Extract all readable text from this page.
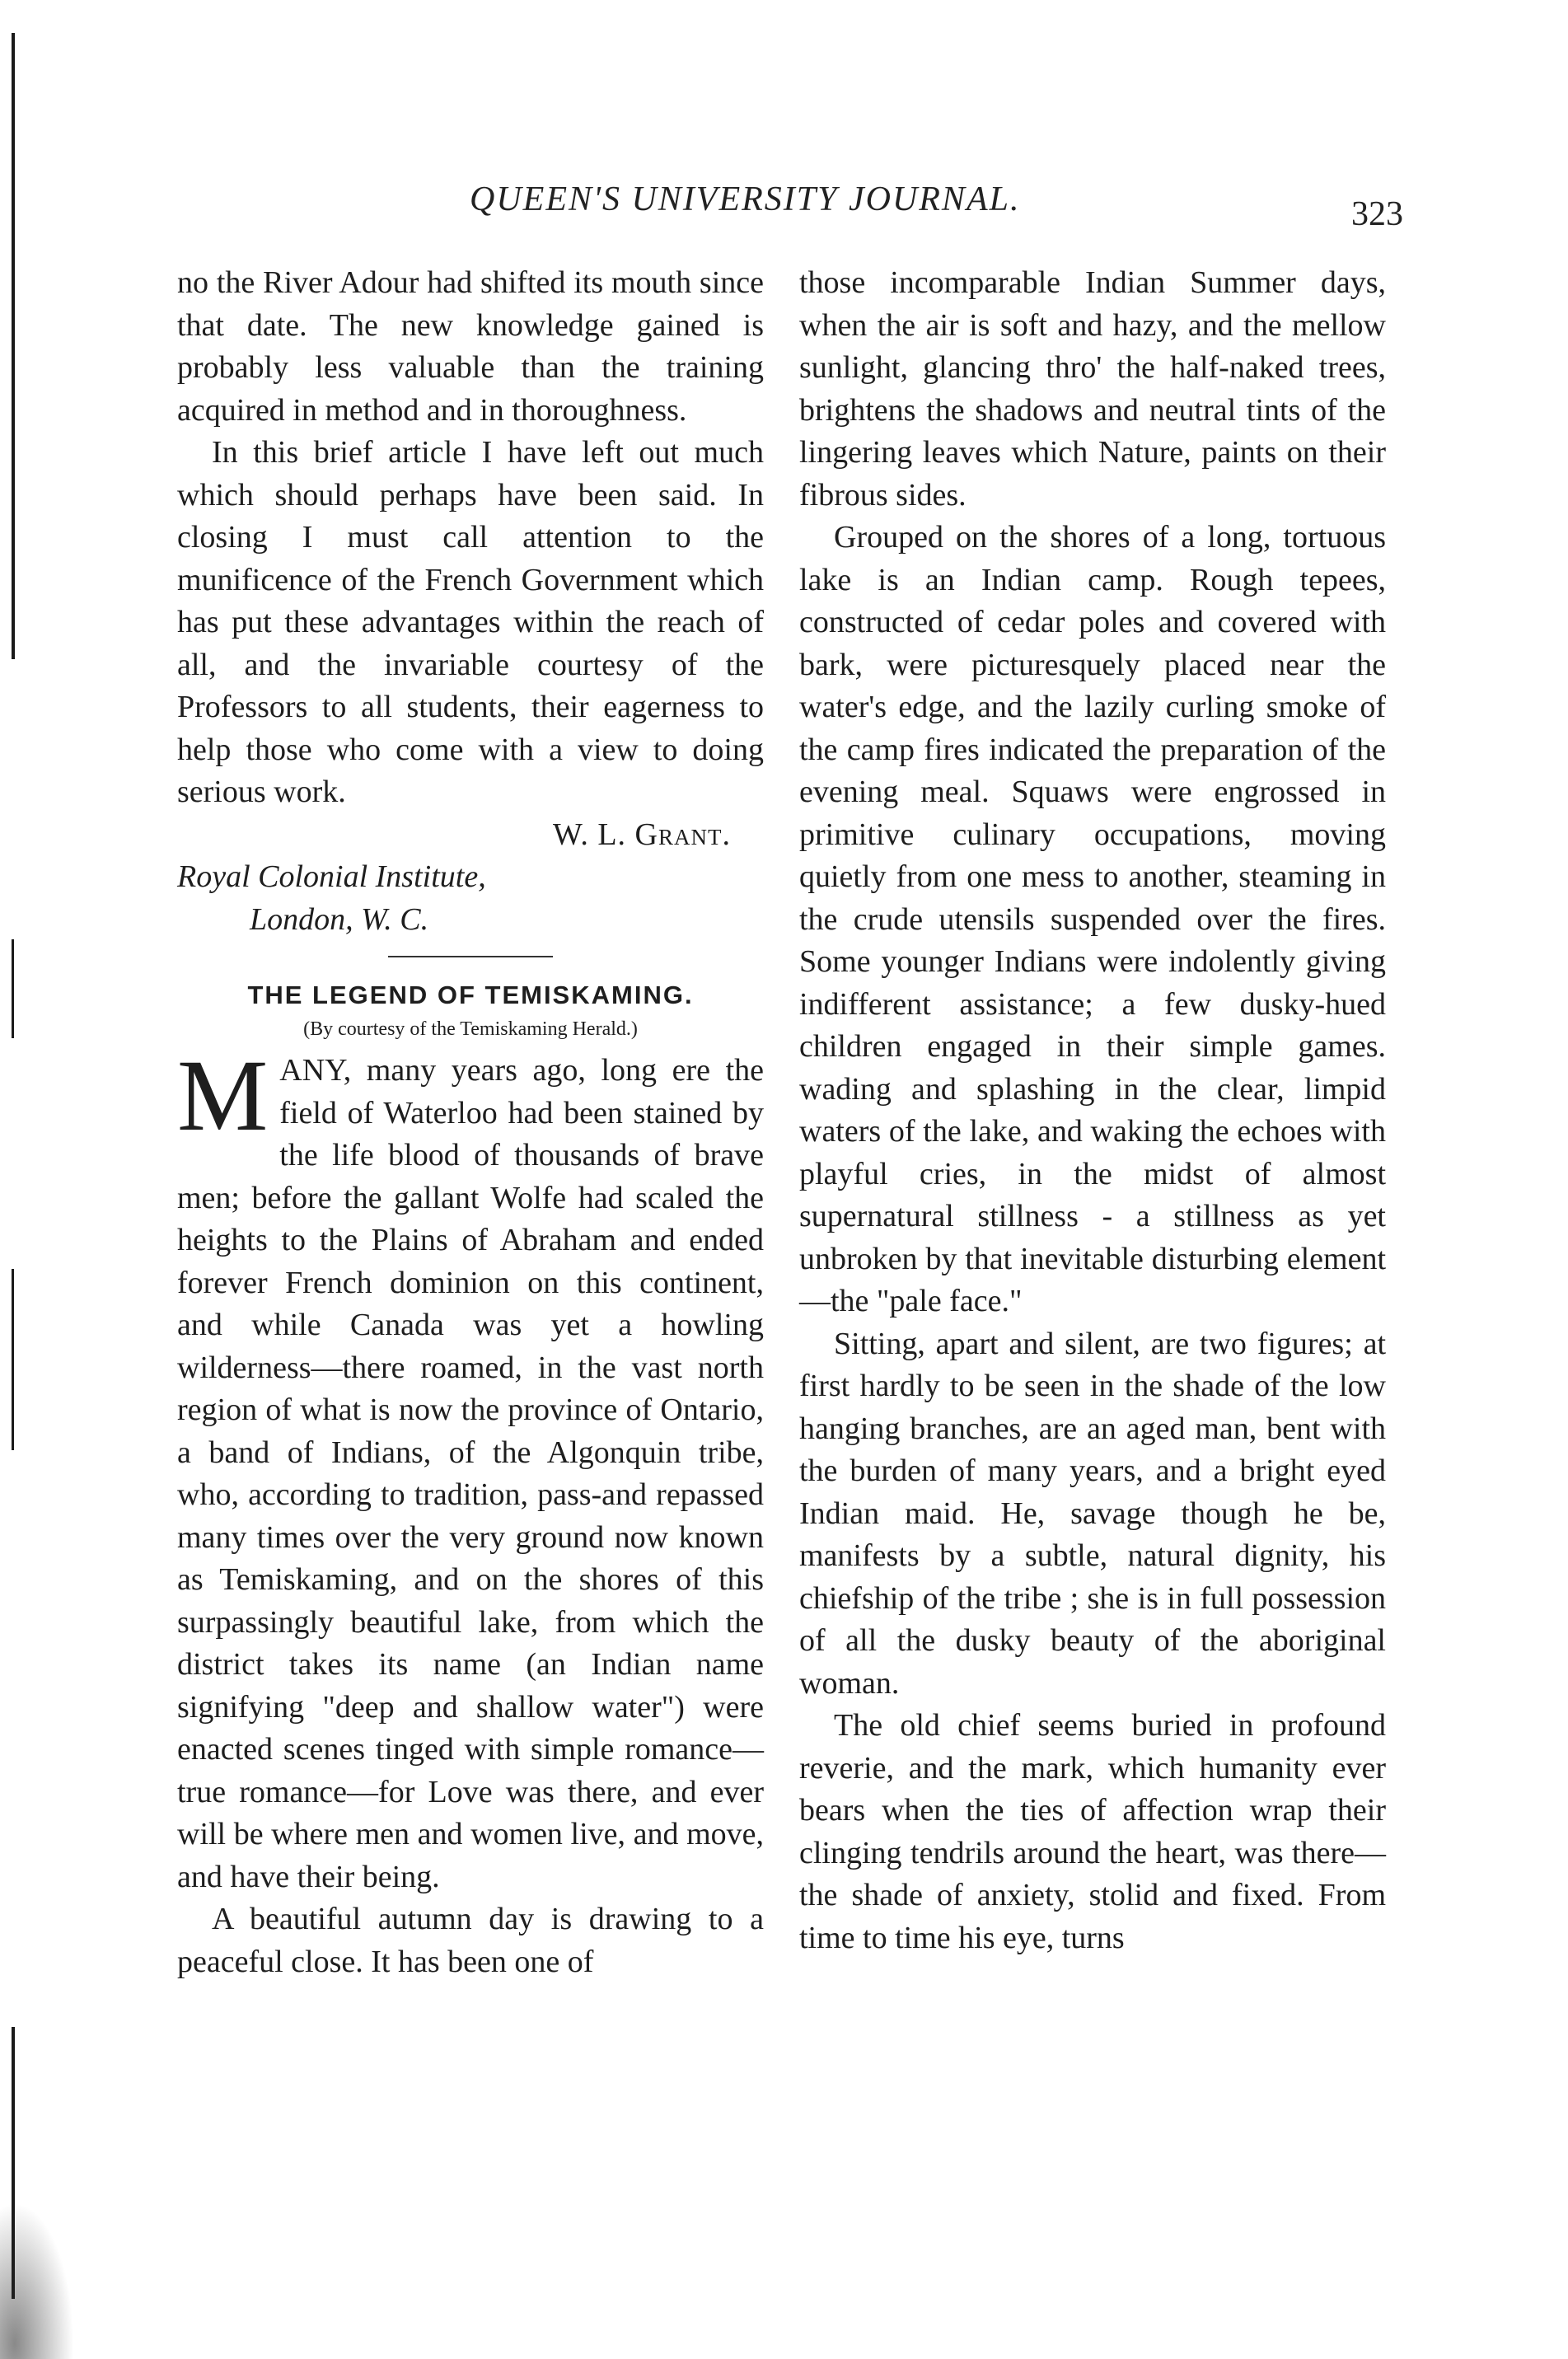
QUEEN'S UNIVERSITY JOURNAL.	323

no the River Adour had shifted its mouth since that date. The new knowledge gained is probably less valuable than the training acquired in method and in thoroughness.

In this brief article I have left out much which should perhaps have been said. In closing I must call attention to the munificence of the French Government which has put these advantages within the reach of all, and the invariable courtesy of the Professors to all students, their eagerness to help those who come with a view to doing serious work.

W. L. Grant.

Royal Colonial Institute,

London, W. C.

THE LEGEND OF TEMISKAMING.
(By courtesy of the Temiskaming Herald.)

M ANY, many years ago, long ere the field of Waterloo had been stained by the life blood of thousands of brave men; before the gallant Wolfe had scaled the heights to the Plains of Abraham and ended forever French dominion on this continent, and while Canada was yet a howling wilderness—there roamed, in the vast north region of what is now the province of Ontario, a band of Indians, of the Algonquin tribe, who, according to tradition, pass-and repassed many times over the very ground now known as Temiskaming, and on the shores of this surpassingly beautiful lake, from which the district takes its name (an Indian name signifying "deep and shallow water") were enacted scenes tinged with simple romance—true romance—for Love was there, and ever will be where men and women live, and move, and have their being.

A beautiful autumn day is drawing to a peaceful close. It has been one of

those incomparable Indian Summer days, when the air is soft and hazy, and the mellow sunlight, glancing thro' the half-naked trees, brightens the shadows and neutral tints of the lingering leaves which Nature, paints on their fibrous sides.

Grouped on the shores of a long, tortuous lake is an Indian camp. Rough tepees, constructed of cedar poles and covered with bark, were picturesquely placed near the water's edge, and the lazily curling smoke of the camp fires indicated the preparation of the evening meal. Squaws were engrossed in primitive culinary occupations, moving quietly from one mess to another, steaming in the crude utensils suspended over the fires. Some younger Indians were indolently giving indifferent assistance; a few dusky-hued children engaged in their simple games. wading and splashing in the clear, limpid waters of the lake, and waking the echoes with playful cries, in the midst of almost supernatural stillness - a stillness as yet unbroken by that inevitable disturbing element—the "pale face."

Sitting, apart and silent, are two figures; at first hardly to be seen in the shade of the low hanging branches, are an aged man, bent with the burden of many years, and a bright eyed Indian maid. He, savage though he be, manifests by a subtle, natural dignity, his chiefship of the tribe ; she is in full possession of all the dusky beauty of the aboriginal woman.

The old chief seems buried in profound reverie, and the mark, which humanity ever bears when the ties of affection wrap their clinging tendrils around the heart, was there—the shade of anxiety, stolid and fixed. From time to time his eye, turns
